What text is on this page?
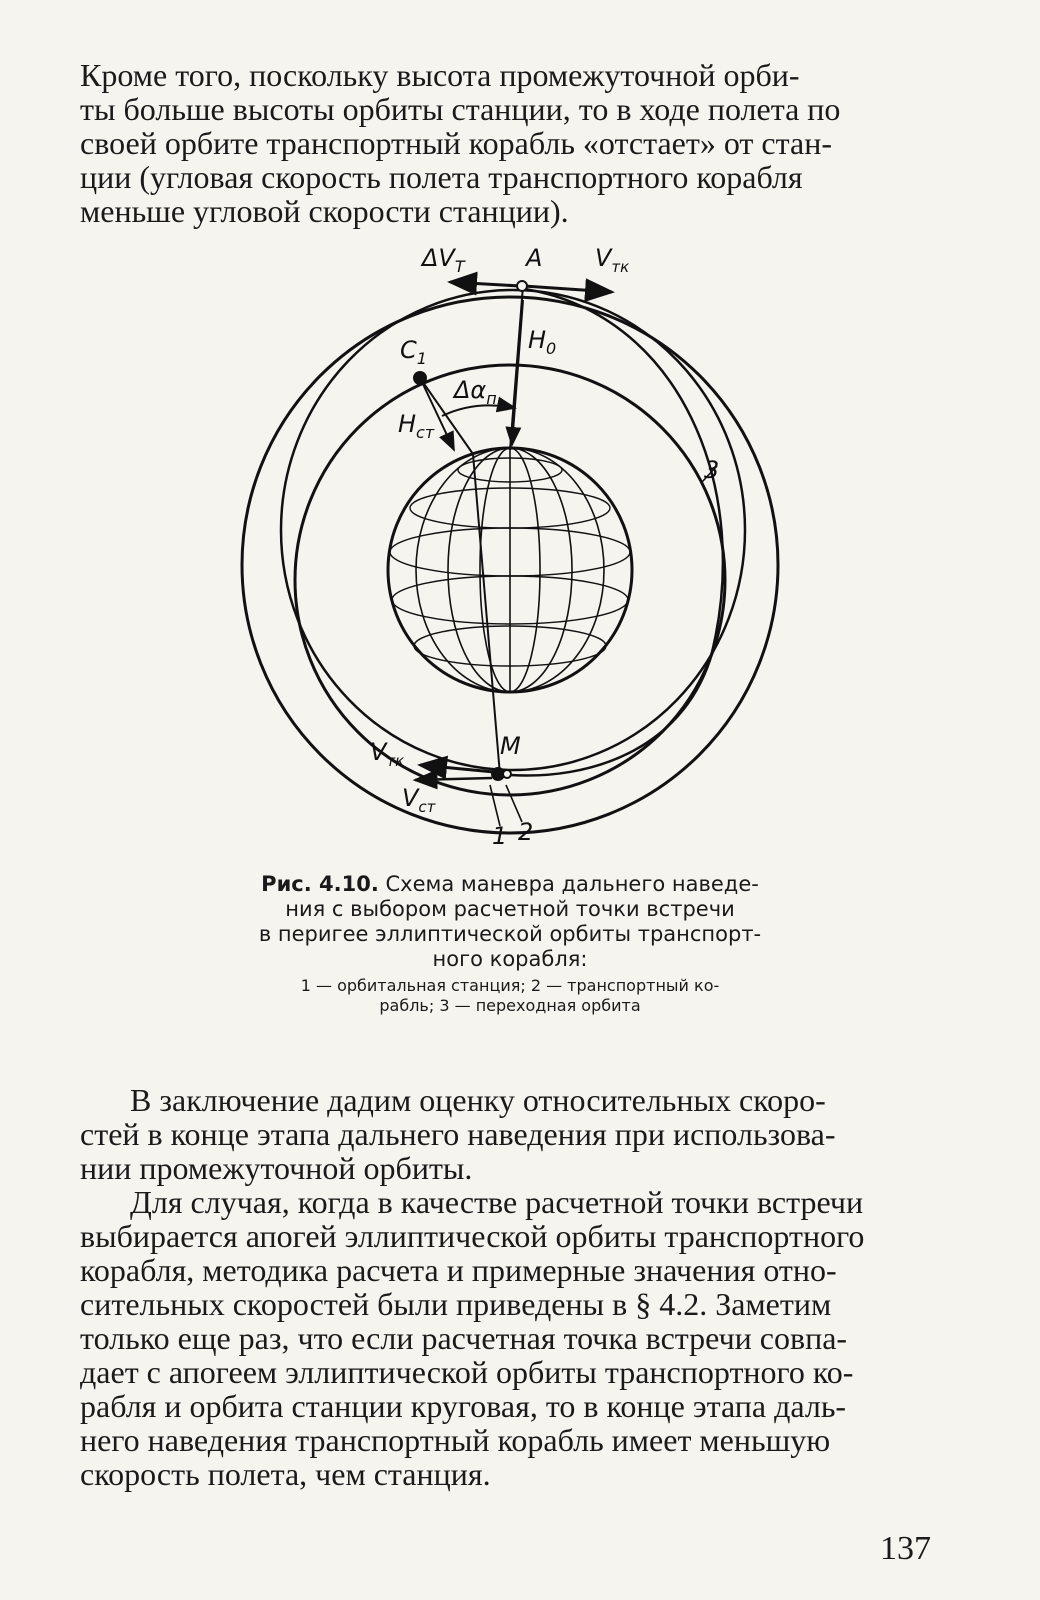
Кроме того, поскольку высота промежуточной орби-
ты больше высоты орбиты станции, то в ходе полета по
своей орбите транспортный корабль «отстает» от стан-
ции (угловая скорость полета транспортного корабля
меньше угловой скорости станции).

$\Delta V_T$	A $V_{тк}$
$H_0$
$C_1$
$\Delta\alpha_п$
$H_{ст}$
3
M
$V_{тк}$
$V_{ст}$
1 2
Рис. 4.10. Схема маневра дальнего наведе-
ния с выбором расчетной точки встречи
в перигее эллиптической орбиты транспорт-
ного корабля:
1 — орбитальная станция; 2 — транспортный ко-
рабль; 3 — переходная орбита

В заключение дадим оценку относительных скоро-
стей в конце этапа дальнего наведения при использова-
нии промежуточной орбиты.

Для случая, когда в качестве расчетной точки встречи
выбирается апогей эллиптической орбиты транспортного
корабля, методика расчета и примерные значения отно-
сительных скоростей были приведены в § 4.2. Заметим
только еще раз, что если расчетная точка встречи совпа-
дает с апогеем эллиптической орбиты транспортного ко-
рабля и орбита станции круговая, то в конце этапа даль-
него наведения транспортный корабль имеет меньшую
скорость полета, чем станция.

137
